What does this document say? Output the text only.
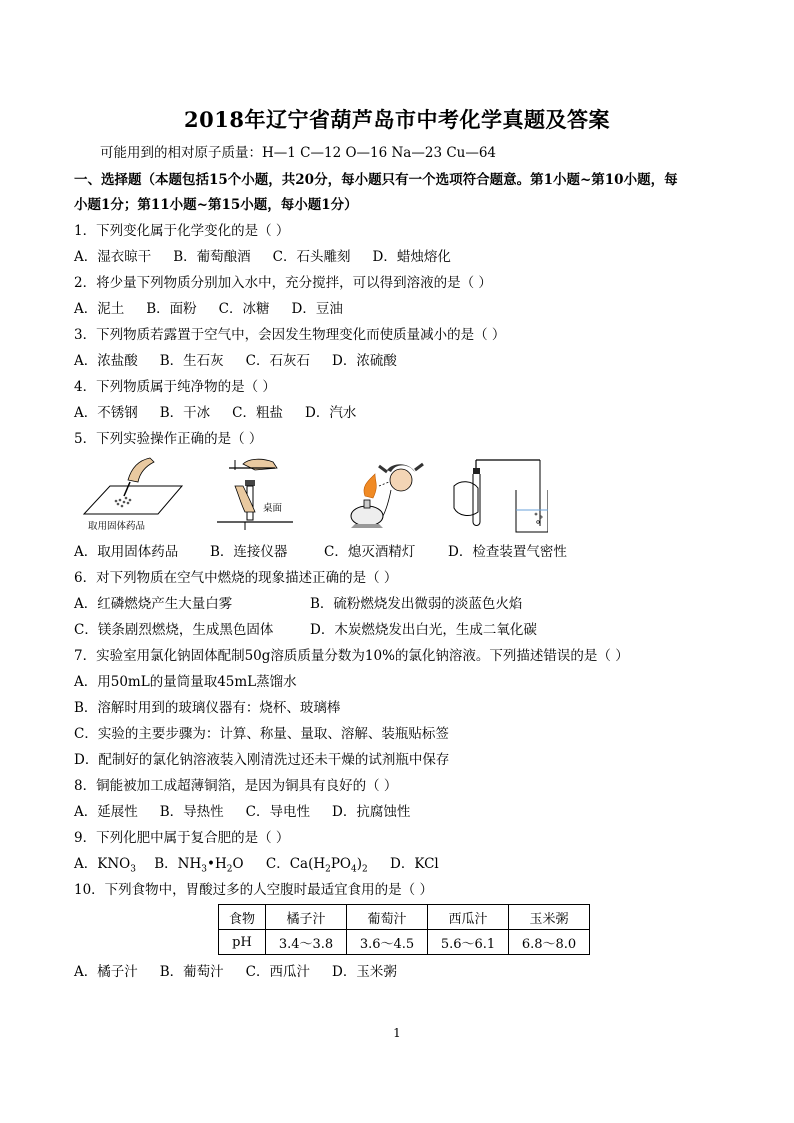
2018年辽宁省葫芦岛市中考化学真题及答案
可能用到的相对原子质量：H—1 C—12 O—16 Na—23 Cu—64
一、选择题（本题包括15个小题，共20分，每小题只有一个选项符合题意。第1小题~第10小题，每
小题1分；第11小题~第15小题，每小题1分）
1．下列变化属于化学变化的是（ ）
A．湿衣晾干 B．葡萄酿酒 C．石头雕刻 D．蜡烛熔化
2．将少量下列物质分别加入水中，充分搅拌，可以得到溶液的是（ ）
A．泥土 B．面粉 C．冰糖 D．豆油
3．下列物质若露置于空气中，会因发生物理变化而使质量减小的是（ ）
A．浓盐酸 B．生石灰 C．石灰石 D．浓硫酸
4．下列物质属于纯净物的是（ ）
A．不锈钢 B．干冰 C．粗盐 D．汽水
5．下列实验操作正确的是（ ）
取用固体药品
桌面
A．取用固体药品 B．连接仪器	C．熄灭酒精灯 D．检查装置气密性
6．对下列物质在空气中燃烧的现象描述正确的是（ ）
A．红磷燃烧产生大量白雾	B．硫粉燃烧发出微弱的淡蓝色火焰
C．镁条剧烈燃烧，生成黑色固体	D．木炭燃烧发出白光，生成二氧化碳
7．实验室用氯化钠固体配制50g溶质质量分数为10%的氯化钠溶液。下列描述错误的是（ ）
A．用50mL的量筒量取45mL蒸馏水
B．溶解时用到的玻璃仪器有：烧杯、玻璃棒
C．实验的主要步骤为：计算、称量、量取、溶解、装瓶贴标签
D．配制好的氯化钠溶液装入刚清洗过还未干燥的试剂瓶中保存
8．铜能被加工成超薄铜箔，是因为铜具有良好的（ ）
A．延展性 B．导热性 C．导电性 D．抗腐蚀性
9．下列化肥中属于复合肥的是（ ）
A．$KNO_3$ B．$NH_3•H_2O$ C．$Ca(H_2PO_4)_2$ D．KCl
10．下列食物中，胃酸过多的人空腹时最适宜食用的是（ ）
食物	橘子汁	葡萄汁	西瓜汁	玉米粥
pH	3.4～3.8	3.6～4.5	5.6～6.1	6.8～8.0
A．橘子汁 B．葡萄汁 C．西瓜汁 D．玉米粥
1
